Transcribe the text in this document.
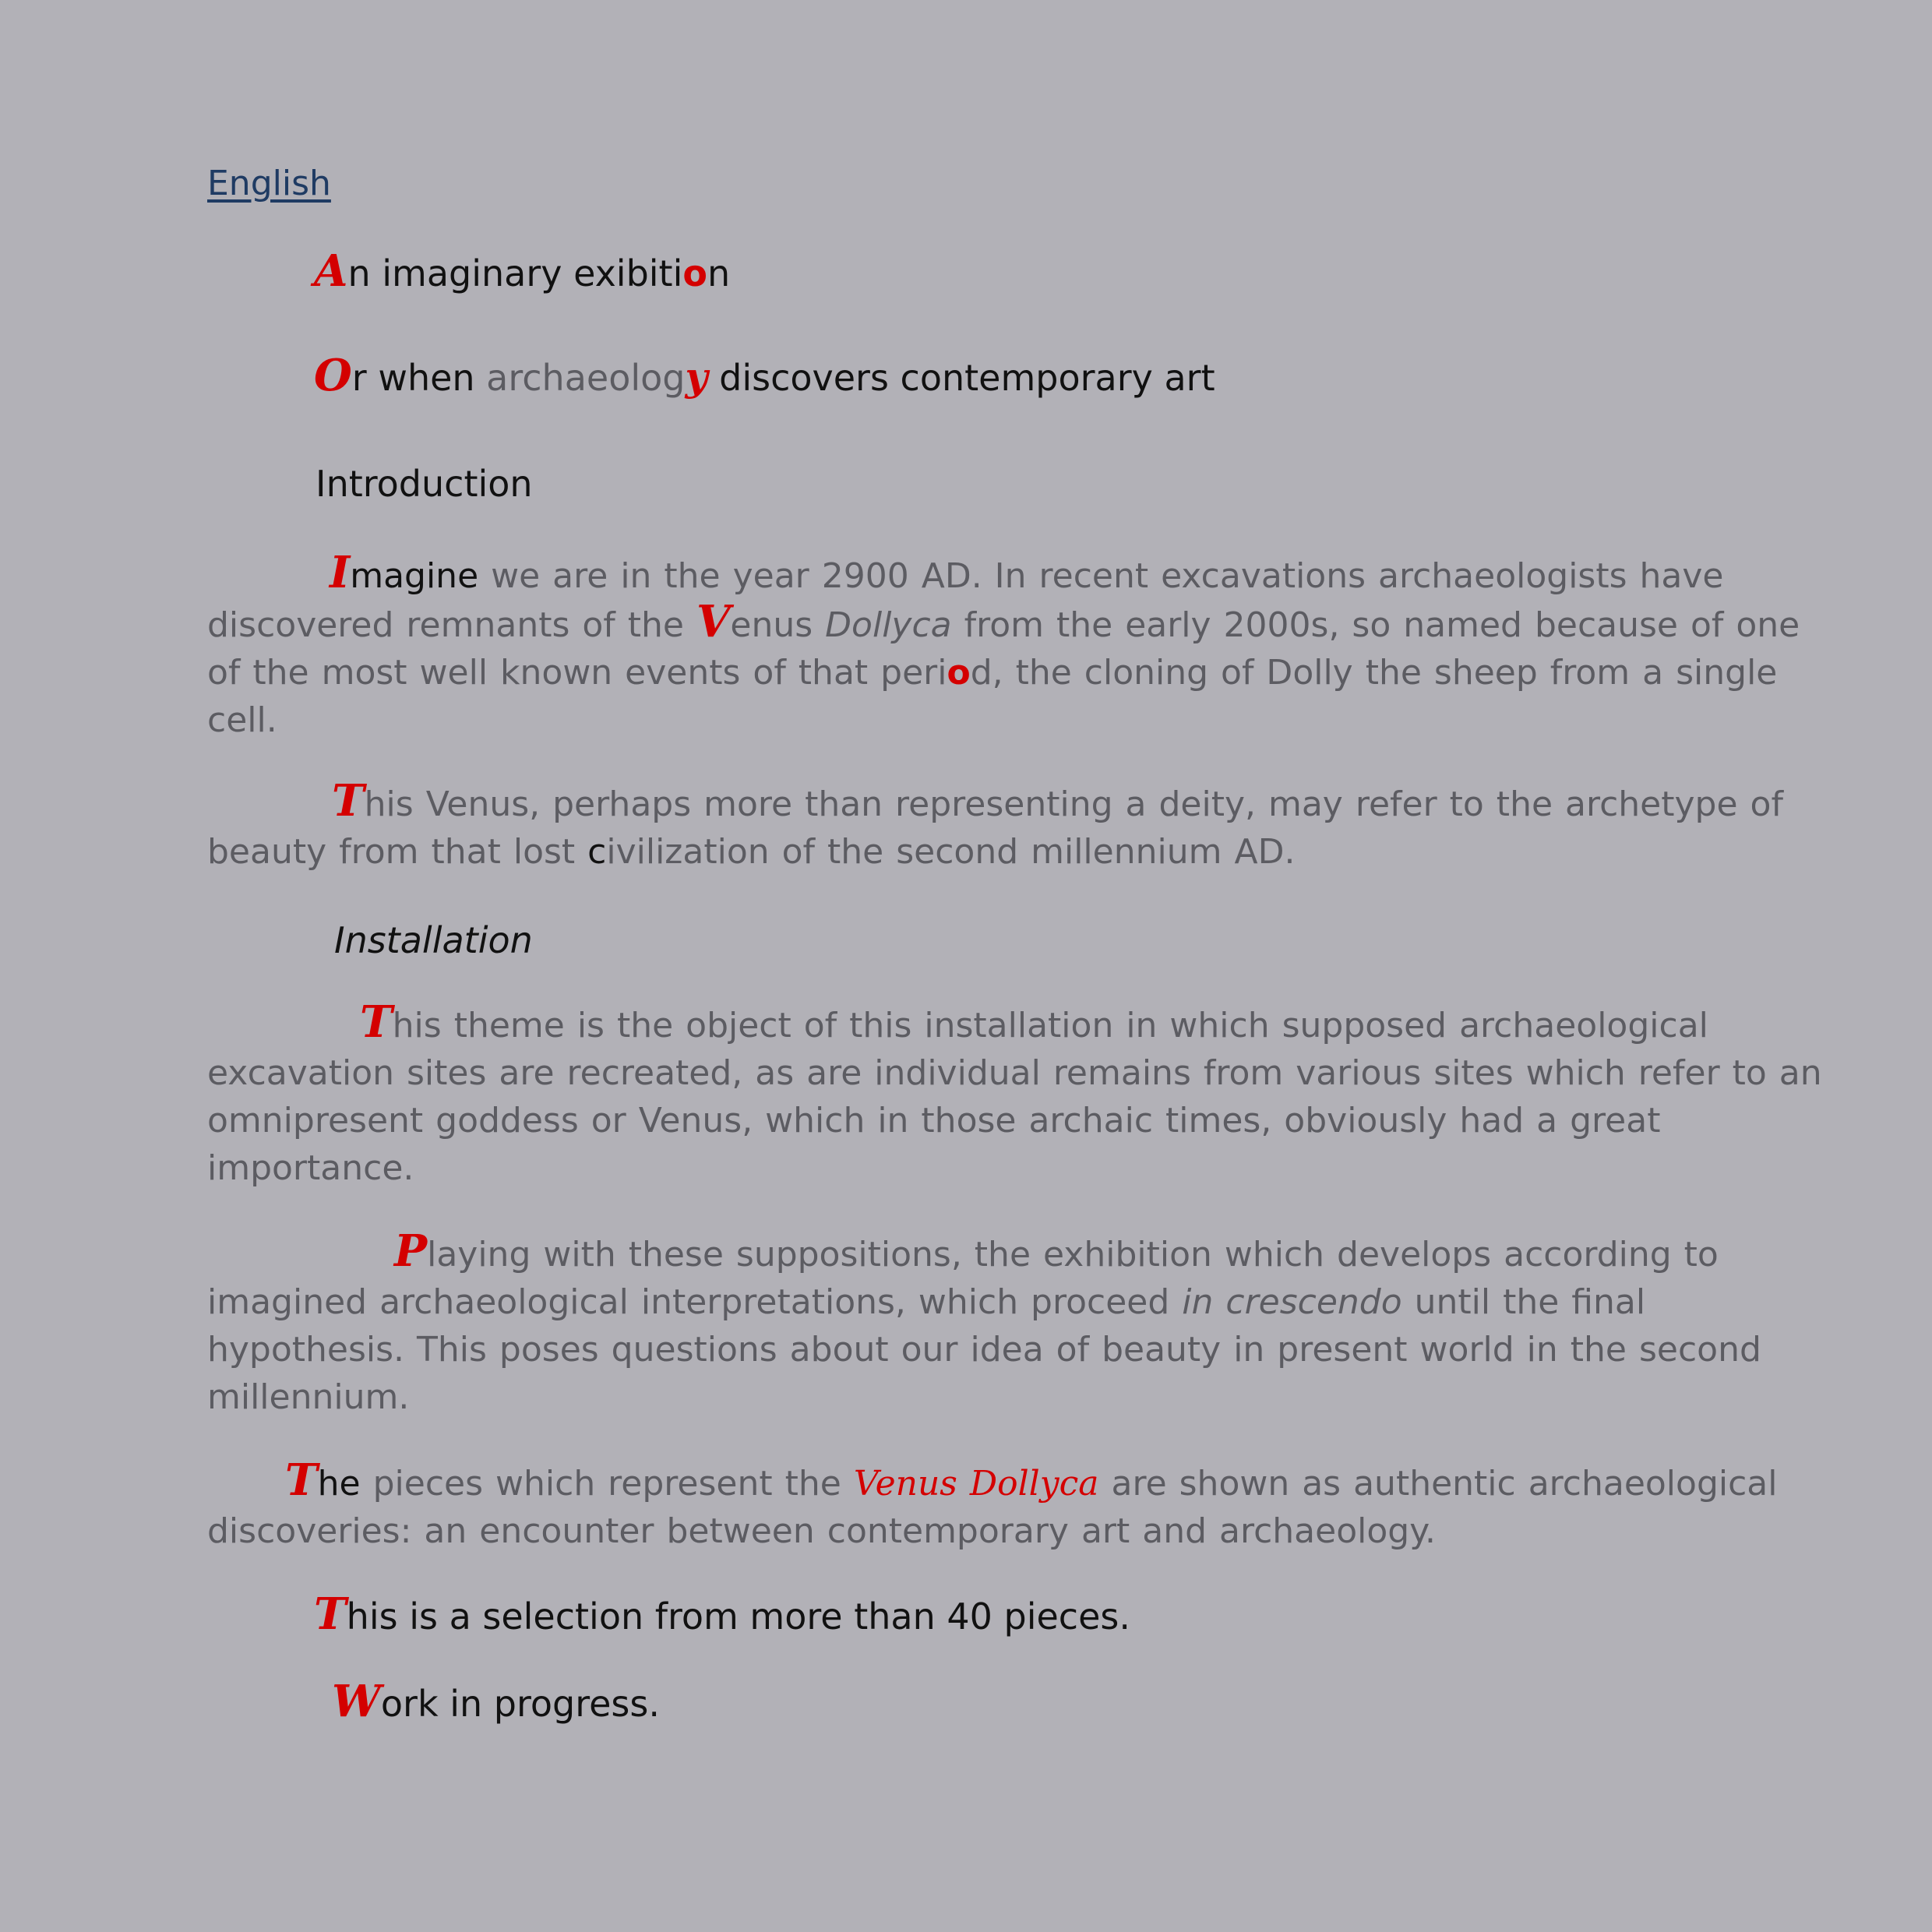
English
An imaginary exibition
Or when archaeology discovers contemporary art
Introduction
Imagine we are in the year 2900 AD. In recent excavations archaeologists have
discovered remnants of the Venus Dollyca from the early 2000s, so named because of one
of the most well known events of that period, the cloning of Dolly the sheep from a single
cell.
This Venus, perhaps more than representing a deity, may refer to the archetype of
beauty from that lost civilization of the second millennium AD.
Installation
This theme is the object of this installation in which supposed archaeological
excavation sites are recreated, as are individual remains from various sites which refer to an
omnipresent goddess or Venus, which in those archaic times, obviously had a great
importance.
Playing with these suppositions, the exhibition which develops according to
imagined archaeological interpretations, which proceed in crescendo until the final
hypothesis. This poses questions about our idea of beauty in present world in the second
millennium.
The pieces which represent the Venus Dollyca are shown as authentic archaeological
discoveries: an encounter between contemporary art and archaeology.
This is a selection from more than 40 pieces.
Work in progress.
